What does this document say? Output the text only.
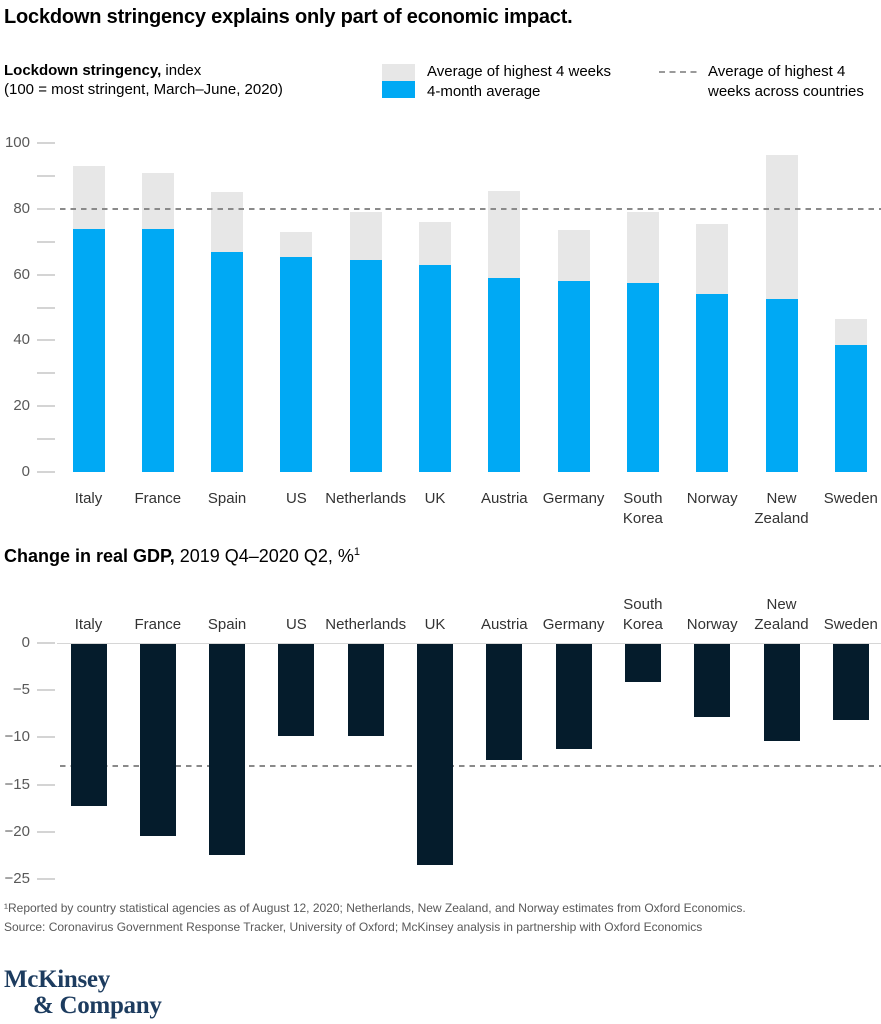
Lockdown stringency explains only part of economic impact.
Lockdown stringency, index
(100 = most stringent, March–June, 2020)
Average of highest 4 weeks
4-month average
Average of highest 4
weeks across countries
Change in real GDP, 2019 Q4–2020 Q2, %$^1$
0
20
40
60
80
100
Italy	France	Spain	US	Netherlands	UK	Austria	Germany	South
Korea
Norway	New
Zealand
Sweden
0
−5
−10
−15
−20
−25
Italy France Spain	US Netherlands UK Austria Germany
South
Korea Norway
New
Zealand Sweden
¹Reported by country statistical agencies as of August 12, 2020; Netherlands, New Zealand, and Norway estimates from Oxford Economics.
Source: Coronavirus Government Response Tracker, University of Oxford; McKinsey analysis in partnership with Oxford Economics
McKinsey
& Company
